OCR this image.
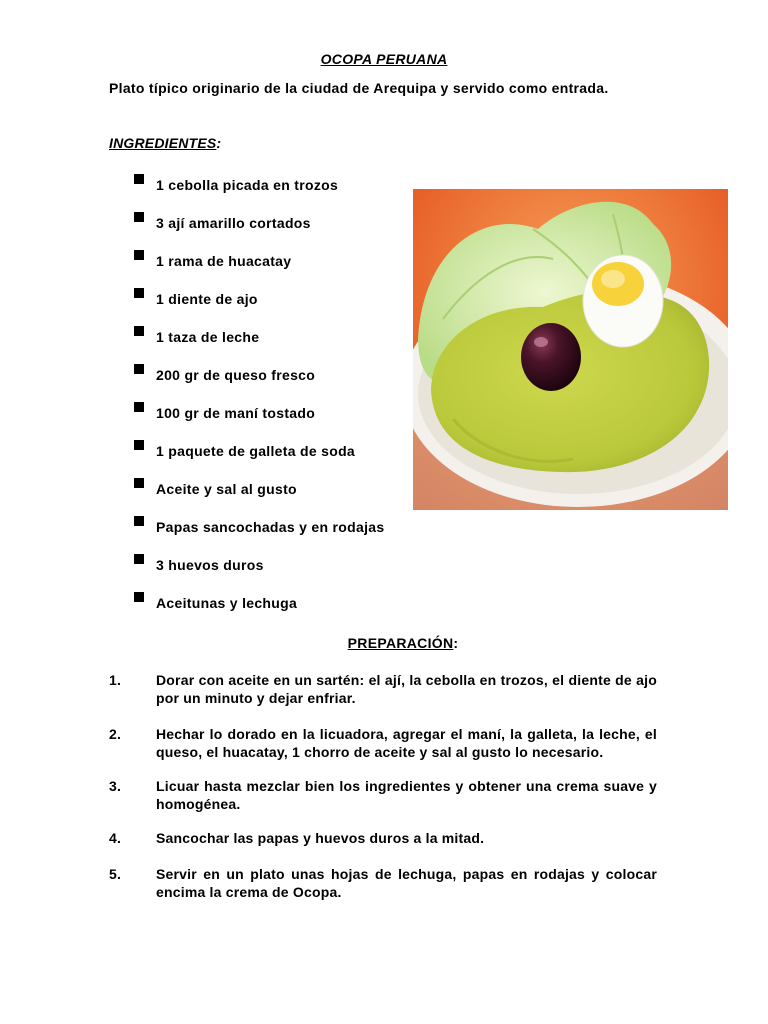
OCOPA PERUANA
Plato típico originario de la ciudad de Arequipa y servido como entrada.
INGREDIENTES:
1 cebolla picada en trozos
3 ají amarillo cortados
1 rama de huacatay
1 diente de ajo
1 taza de leche
200 gr de queso fresco
100 gr de maní tostado
1 paquete de galleta de soda
Aceite y sal al gusto
Papas sancochadas y en rodajas
3 huevos duros
Aceitunas y lechuga
PREPARACIÓN:
1.	Dorar con aceite en un sartén: el ají, la cebolla en trozos, el diente de ajo por un minuto y dejar enfriar.
2.	Hechar lo dorado en la licuadora, agregar el maní, la galleta, la leche, el queso, el huacatay, 1 chorro de aceite y sal al gusto lo necesario.
3.	Licuar hasta mezclar bien los ingredientes y obtener una crema suave y homogénea.
4.	Sancochar las papas y huevos duros a la mitad.
5.	Servir en un plato unas hojas de lechuga, papas en rodajas y colocar encima la crema de Ocopa.
